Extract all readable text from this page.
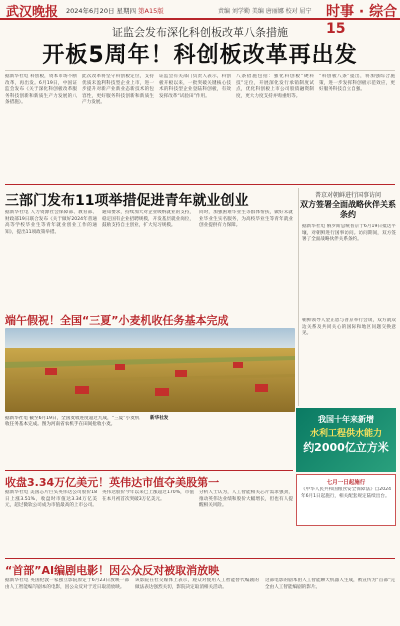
武汉晚报 2024年6月20日 星期四 第A15版	责编 刘学勤 美编 唐丽娜 校对 屈宁 时事 · 综合15
证监会发布深化科创板改革八条措施
开板5周年！科创板改革再出发
据新华社电 科创板，资本市场不断改革，再出发。6月19日，中国证监会发布《关于深化科创板改革服务科技创新和新质生产力发展的八条措施》。
此次改革将坚守科创板定位，支持优质未盈利科技型企业上市，进一步提升对新产业新业态新技术的包容性，更好服务科技创新和新质生产力发展。
证监会有关部门负责人表示，科创板开板以来，一批突破关键核心技术的科技型企业登陆科创板，有效发挥改革“试验田”作用。
八条措施包括：强化科创板“硬科技”定位，开展深化发行承销制度试点，优化科创板上市公司股债融资制度，更大力度支持并购重组等。
“科创板八条”提出，将加强综合施策，进一步发挥科创板示范效应，更好服务科技自立自强。
三部门发布11项举措促进青年就业创业
据新华社电 人力资源社会保障部、教育部、财政部19日联合发布《关于做好2024年普通高等学校毕业生等青年就业创业工作的通知》，提出11项政策举措。
通知要求，持续加大对企业吸纳就业的支持，稳定国有企业招聘规模，开发基层就业岗位，鼓励支持自主创业，扩大见习规模。
同时，加强困难毕业生等群体帮扶，做好未就业毕业生实名服务，为高校毕业生等青年就业创业提供有力保障。
普京对朝鲜进行国事访问
双方签署全面战略伙伴关系条约
据新华社电 俄罗斯总统普京于6月19日抵达平壤，对朝鲜进行国事访问。访问期间，双方签署了全面战略伙伴关系条约。
朝鲜领导人金正恩与普京举行会谈，双方就双边关系及共同关心的国际和地区问题交换意见。
端午假祝！全国“三夏”小麦机收任务基本完成
据新华社电 截至6月19日，全国麦收进度超过九成，“三夏”小麦机收任务基本完成。图为河南省农机手在田间抢收小麦。
新华社发	我国十年来新增
水利工程供水能力
约2000亿立方米
收盘3.34万亿美元！英伟达市值夺美股第一
据新华社电 美国芯片巨头英伟达公司股价18日上涨3.51%，收盘时市值达3.34万亿美元，超过微软公司成为市值最高的上市公司。
英伟达股价今年以来已上涨超过170%，市值在本月初首次突破3万亿美元。
分析人士认为，人工智能相关芯片需求强劲，推动英伟达业绩和股价大幅增长，但也有人提醒相关风险。
七月一日起施行
《中华人民共和国粮食安全保障法》自2024年6月1日起施行，相关配套规定陆续出台。
“首部”AI编剧电影！因公众反对被取消放映
据新华社电 英国伦敦一家独立影院原定于6月23日放映一部由人工智能编写剧本的电影，因公众反对于近日取消放映。
该影院在社交媒体上表示，观众对使用人工智能替代编剧的做法表达强烈关切，影院决定取消相关活动。
这部电影的剧本由人工智能聊天机器人生成，被宣传为“首部”完全由人工智能编剧的影片。
